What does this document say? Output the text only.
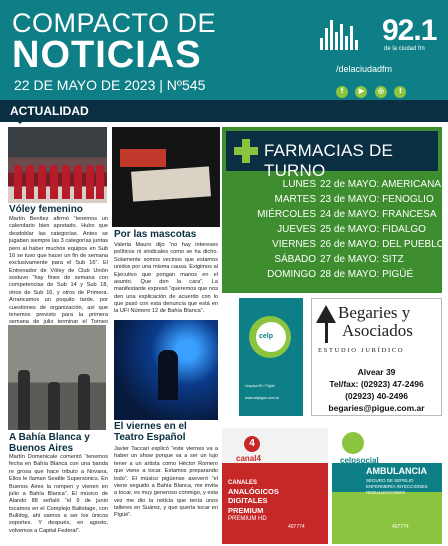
COMPACTO DE
NOTICIAS
22 DE MAYO DE 2023 | Nº545
92.1
de la ciudad fm
/delaciudadfm
f ▶ ◎ t
ACTUALIDAD
Vóley femenino
Martín Benítez afirmó “tenemos un calendario bien apretado. Hubo que desdoblar las categorías. Antes se jugaban siempre las 3 categorías juntas pero al haber muchos equipos en Sub 16 se tuvo que hacer un fin de semana exclusivamente para el Sub 16”. El Entrenador de Vóley de Club Unión sostuvo “hay fines de semana con competencias de Sub 14 y Sub 18, otros de Sub 16, y otros de Primera. Arrancamos un poquito tarde, por cuestiones de organización, así que tenemos previsto para la primera semana de julio terminar el Torneo
Por las mascotas
Valeria Mauro dijo “no hay intereses políticos ni sindicales como se ha dicho. Solamente somos vecinos que estamos unidos por una misma causa. Exigimos al Ejecutivo que pongan manos en el asunto. Que den la cara”. La manifestante expresó “queremos que nos den una explicación de acuerdo con lo que pasó con esta denuncia que está en la UFI Número 12 de Bahía Blanca”.
A Bahía Blanca y Buenos Aires
Martín Domenicale comentó “tenemos fecha en Bahía Blanca con una banda re grosa que hace tributo a Nirvana, Ellos le llaman Seattle Supersonics. En Buenos Aires la rompen y vienen en julio a Bahía Blanca”. El músico de Alando 88 señaló “el 9 de junio tocamos en el Complejo Ballotage, con Bulldog, ahí vamos a ser los únicos soportes. Y después, en agosto, volvemos a Capital Federal”.
El viernes en el Teatro Español
Javier Taccari explicó “este viernes va a haber un show porque va a ser un lujo tener a un artista como Héctor Romero que viene a tocar. Estamos preparando todo”. El músico pigüense aseveró “el viene seguido a Bahía Blanca, me invita a tocar, es muy generoso conmigo, y esta vez me dio la noticia que tenía unos talleres en Suárez, y que quería tocar en Pigüé”.
FARMACIAS DE TURNO
LUNES 22 de MAYO: AMERICANA
MARTES 23 de MAYO: FENOGLIO
MIÉRCOLES 24 de MAYO: FRANCESA
JUEVES 25 de MAYO: FIDALGO
VIERNES 26 de MAYO: DEL PUEBLO
SÁBADO 27 de MAYO: SITZ
DOMINGO 28 de MAYO: PIGÜÉ
celp
Urquiza 99 / Pigüé
www.celpigue.com.ar
Begaries y
Asociados
ESTUDIO JURÍDICO
Alvear 39
Tel/fax: (02923) 47-2496
(02923) 40-2496
begaries@pigue.com.ar
4
canal4
CANALES
ANALÓGICOS
DIGITALES
PREMIUM
PREMIUM HD
407774
celpsocial
AMBULANCIA
SEGURO DE SEPELIO ENFERMERÍA INYECCIONES NEBULIZACIONES
407774
